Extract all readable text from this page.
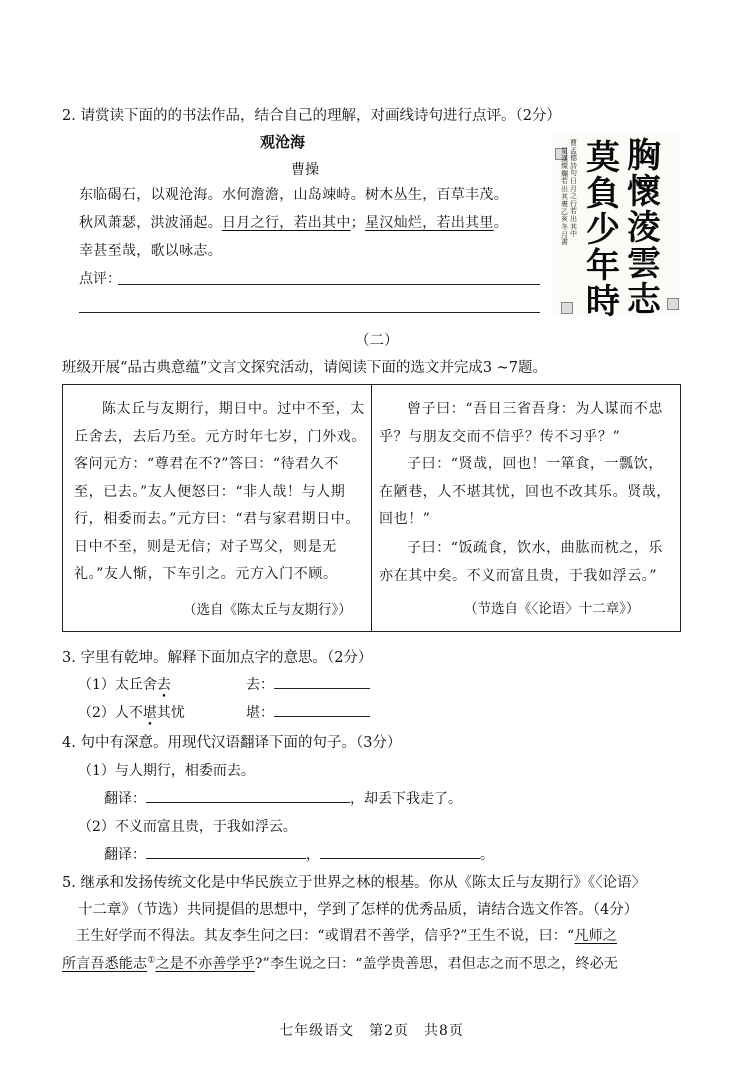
2. 请赏读下面的的书法作品，结合自己的理解，对画线诗句进行点评。（2分）
观沧海
曹操
东临碣石，以观沧海。水何澹澹，山岛竦峙。树木丛生，百草丰茂。
秋风萧瑟，洪波涌起。日月之行，若出其中；星汉灿烂，若出其里。
幸甚至哉，歌以咏志。
点评：
胸懷淩雲志
莫負少年時
曹孟德詩句日月之行若出其中
星漢燦爛若出其裏乙亥冬月書
（二）
班级开展“品古典意蕴”文言文探究活动，请阅读下面的选文并完成3 ~7题。
陈太丘与友期行，期日中。过中不至，太丘舍去，去后乃至。元方时年七岁，门外戏。客问元方：“尊君在不?”答曰：“待君久不至，已去。”友人便怒曰：“非人哉！与人期行，相委而去。”元方曰：“君与家君期日中。日中不至，则是无信；对子骂父，则是无礼。”友人惭，下车引之。元方入门不顾。
（选自《陈太丘与友期行》）
曾子曰：“吾日三省吾身：为人谋而不忠乎？与朋友交而不信乎？传不习乎？”
子曰：“贤哉，回也！一箪食，一瓢饮，在陋巷，人不堪其忧，回也不改其乐。贤哉，回也！”
子曰：“饭疏食，饮水，曲肱而枕之，乐亦在其中矣。不义而富且贵，于我如浮云。”
（节选自《〈论语〉十二章》）
3. 字里有乾坤。解释下面加点字的意思。（2分）
（1）太丘舍去	去：
（2）人不堪其忧	堪：
4. 句中有深意。用现代汉语翻译下面的句子。（3分）
（1）与人期行，相委而去。
翻译：	，却丢下我走了。
（2）不义而富且贵，于我如浮云。
翻译：	，	。
5. 继承和发扬传统文化是中华民族立于世界之林的根基。你从《陈太丘与友期行》《〈论语〉
十二章》（节选）共同提倡的思想中，学到了怎样的优秀品质，请结合选文作答。（4分）
王生好学而不得法。其友李生问之曰：“或谓君不善学，信乎?”王生不说，曰：“凡师之
所言吾悉能志①之是不亦善学乎?”李生说之曰：“盖学贵善思，君但志之而不思之，终必无
七年级语文　第2页　共8页
